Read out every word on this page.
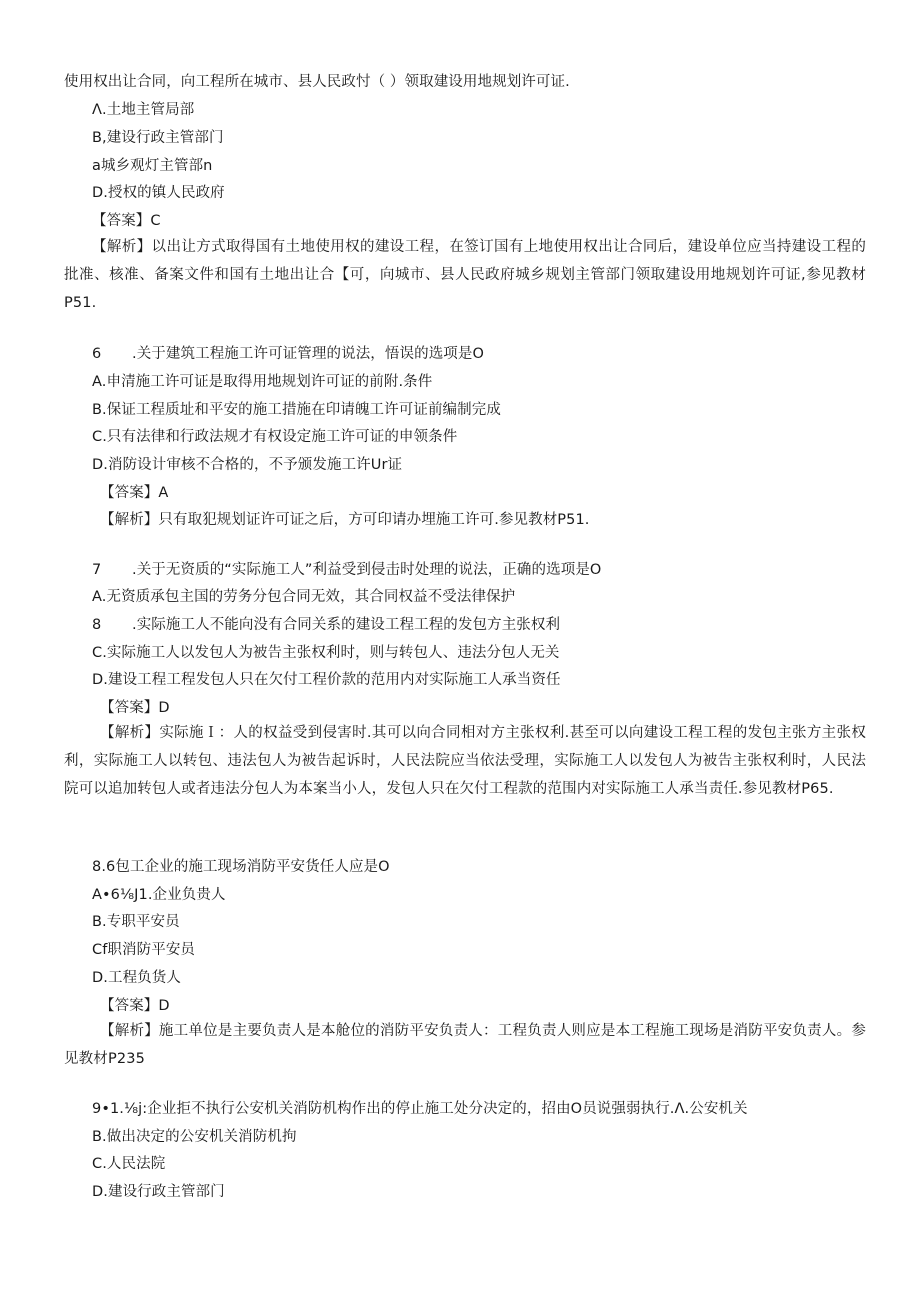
使用权出让合同，向工程所在城市、县人民政忖（ ）领取建设用地规划许可证.
Λ.土地主管局部
B,建设行政主管部门
a城乡观灯主管部n
D.授权的镇人民政府
【答案】C
【解析】以出让方式取得国有土地使用权的建设工程，在签订国有上地使用权出让合同后，建设单位应当持建设工程的批准、核准、备案文件和国有土地出让合【可，向城市、县人民政府城乡规划主管部门领取建设用地规划许可证,参见教材P51.
6 .关于建筑工程施工许可证管理的说法，悟误的选项是O
A.申清施工许可证是取得用地规划许可证的前附.条件
B.保证工程质址和平安的施工措施在印请魄工许可证前编制完成
C.只有法律和行政法规才有权设定施工许可证的申领条件
D.消防设计审核不合格的，不予颁发施工许Ur证
【答案】A
【解析】只有取犯规划证许可证之后，方可印请办埋施工许可.参见教材P51.
7 .关于无资质的“实际施工人”利益受到侵击时处理的说法，正确的选项是O
A.无资质承包主国的劳务分包合同无效，其合同权益不受法律保护
8 .实际施工人不能向没有合同关系的建设工程工程的发包方主张权利
C.实际施工人以发包人为被告主张权利时，则与转包人、违法分包人无关
D.建设工程工程发包人只在欠付工程价款的范用内对实际施工人承当资任
【答案】D
【解析】实际施Ｉ：人的权益受到侵害时.其可以向合同相对方主张权利.甚至可以向建设工程工程的发包主张方主张权利，实际施工人以转包、违法包人为被告起诉时，人民法院应当依法受理，实际施工人以发包人为被告主张权利时，人民法院可以追加转包人或者违法分包人为本案当小人，发包人只在欠付工程款的范围内对实际施工人承当责任.参见教材P65.
8.6包工企业的施工现场消防平安货任人应是O
A•6⅛J1.企业负贵人
B.专职平安员
Cf职消防平安员
D.工程负货人
【答案】D
【解析】施工单位是主要负责人是本舱位的消防平安负责人：工程负责人则应是本工程施工现场是消防平安负责人。参见教材P235
9•1.⅛j:企业拒不执行公安机关消防机构作出的停止施工处分决定的，招由O员说强弱执行.Λ.公安机关
B.做出决定的公安机关消防机拘
C.人民法院
D.建设行政主管部门
